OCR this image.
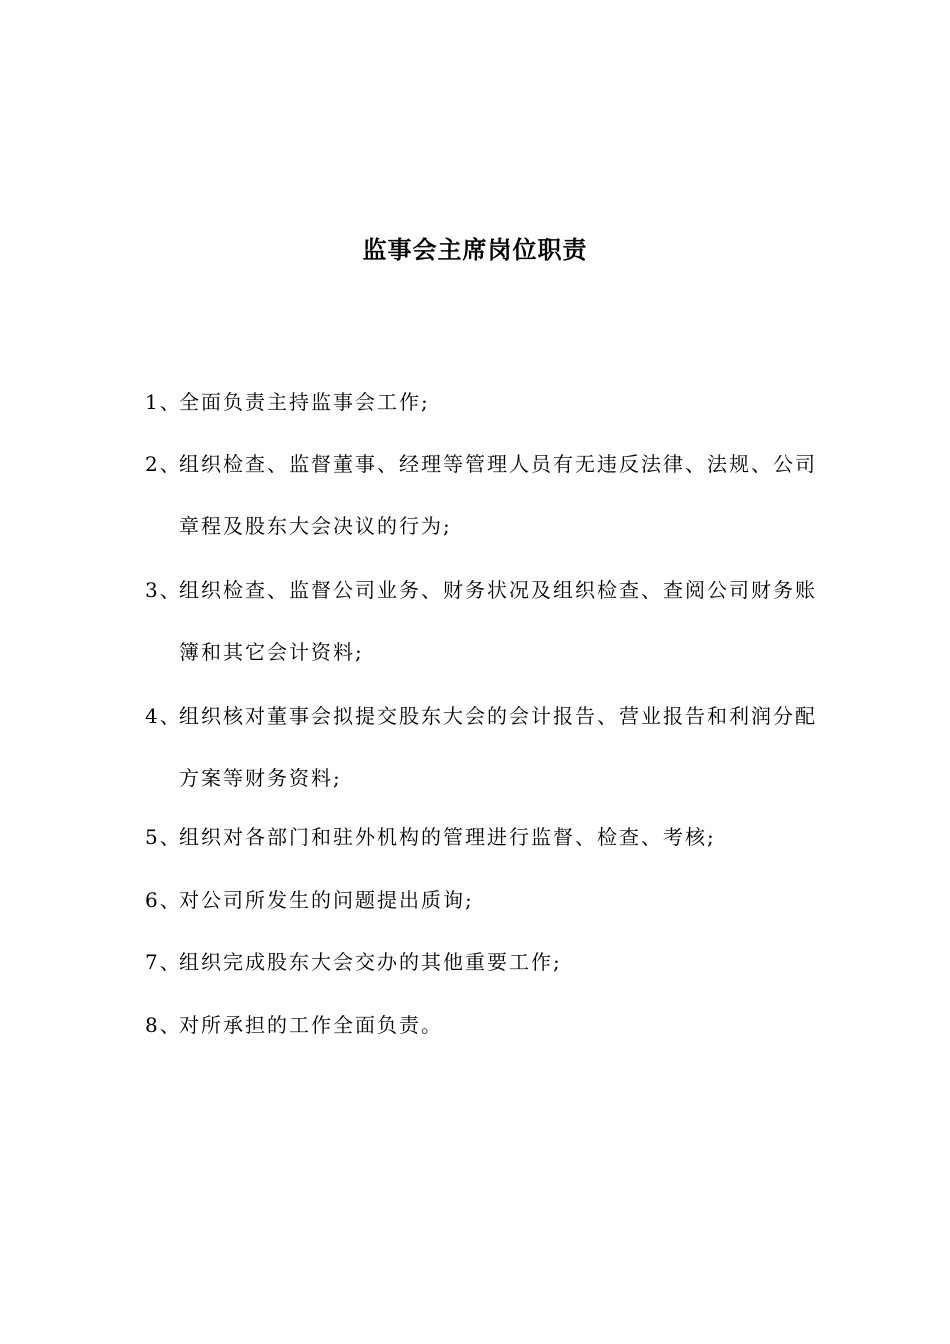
监事会主席岗位职责
1、
全面负责主持监事会工作;
2、
组织检查、监督董事、经理等管理人员有无违反法律、法规、公司章程及股东大会决议的行为;
3、
组织检查、监督公司业务、财务状况及组织检查、查阅公司财务账簿和其它会计资料;
4、
组织核对董事会拟提交股东大会的会计报告、营业报告和利润分配方案等财务资料;
5、
组织对各部门和驻外机构的管理进行监督、检查、考核;
6、
对公司所发生的问题提出质询;
7、
组织完成股东大会交办的其他重要工作;
8、
对所承担的工作全面负责。
